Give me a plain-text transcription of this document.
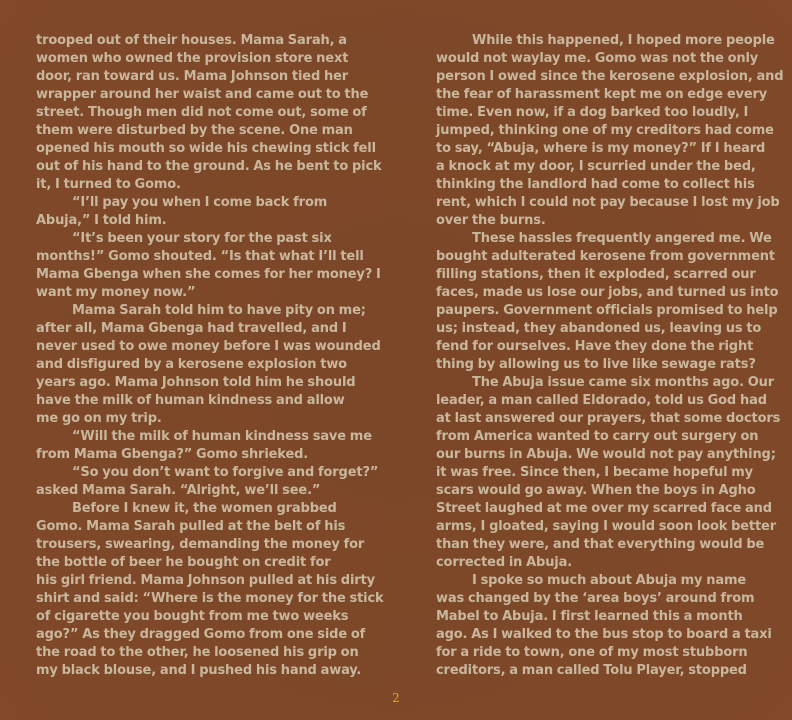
trooped out of their houses. Mama Sarah, a
women who owned the provision store next
door, ran toward us. Mama Johnson tied her
wrapper around her waist and came out to the
street. Though men did not come out, some of
them were disturbed by the scene. One man
opened his mouth so wide his chewing stick fell
out of his hand to the ground. As he bent to pick
it, I turned to Gomo.
“I’ll pay you when I come back from
Abuja,” I told him.
“It’s been your story for the past six
months!” Gomo shouted. “Is that what I’ll tell
Mama Gbenga when she comes for her money? I
want my money now.”
Mama Sarah told him to have pity on me;
after all, Mama Gbenga had travelled, and I
never used to owe money before I was wounded
and disfigured by a kerosene explosion two
years ago. Mama Johnson told him he should
have the milk of human kindness and allow
me go on my trip.
“Will the milk of human kindness save me
from Mama Gbenga?” Gomo shrieked.
“So you don’t want to forgive and forget?”
asked Mama Sarah. “Alright, we’ll see.”
Before I knew it, the women grabbed
Gomo. Mama Sarah pulled at the belt of his
trousers, swearing, demanding the money for
the bottle of beer he bought on credit for
his girl friend. Mama Johnson pulled at his dirty
shirt and said: “Where is the money for the stick
of cigarette you bought from me two weeks
ago?” As they dragged Gomo from one side of
the road to the other, he loosened his grip on
my black blouse, and I pushed his hand away.
While this happened, I hoped more people
would not waylay me. Gomo was not the only
person I owed since the kerosene explosion, and
the fear of harassment kept me on edge every
time. Even now, if a dog barked too loudly, I
jumped, thinking one of my creditors had come
to say, “Abuja, where is my money?” If I heard
a knock at my door, I scurried under the bed,
thinking the landlord had come to collect his
rent, which I could not pay because I lost my job
over the burns.
These hassles frequently angered me. We
bought adulterated kerosene from government
filling stations, then it exploded, scarred our
faces, made us lose our jobs, and turned us into
paupers. Government officials promised to help
us; instead, they abandoned us, leaving us to
fend for ourselves. Have they done the right
thing by allowing us to live like sewage rats?
The Abuja issue came six months ago. Our
leader, a man called Eldorado, told us God had
at last answered our prayers, that some doctors
from America wanted to carry out surgery on
our burns in Abuja. We would not pay anything;
it was free. Since then, I became hopeful my
scars would go away. When the boys in Agho
Street laughed at me over my scarred face and
arms, I gloated, saying I would soon look better
than they were, and that everything would be
corrected in Abuja.
I spoke so much about Abuja my name
was changed by the ‘area boys’ around from
Mabel to Abuja. I first learned this a month
ago. As I walked to the bus stop to board a taxi
for a ride to town, one of my most stubborn
creditors, a man called Tolu Player, stopped
2
